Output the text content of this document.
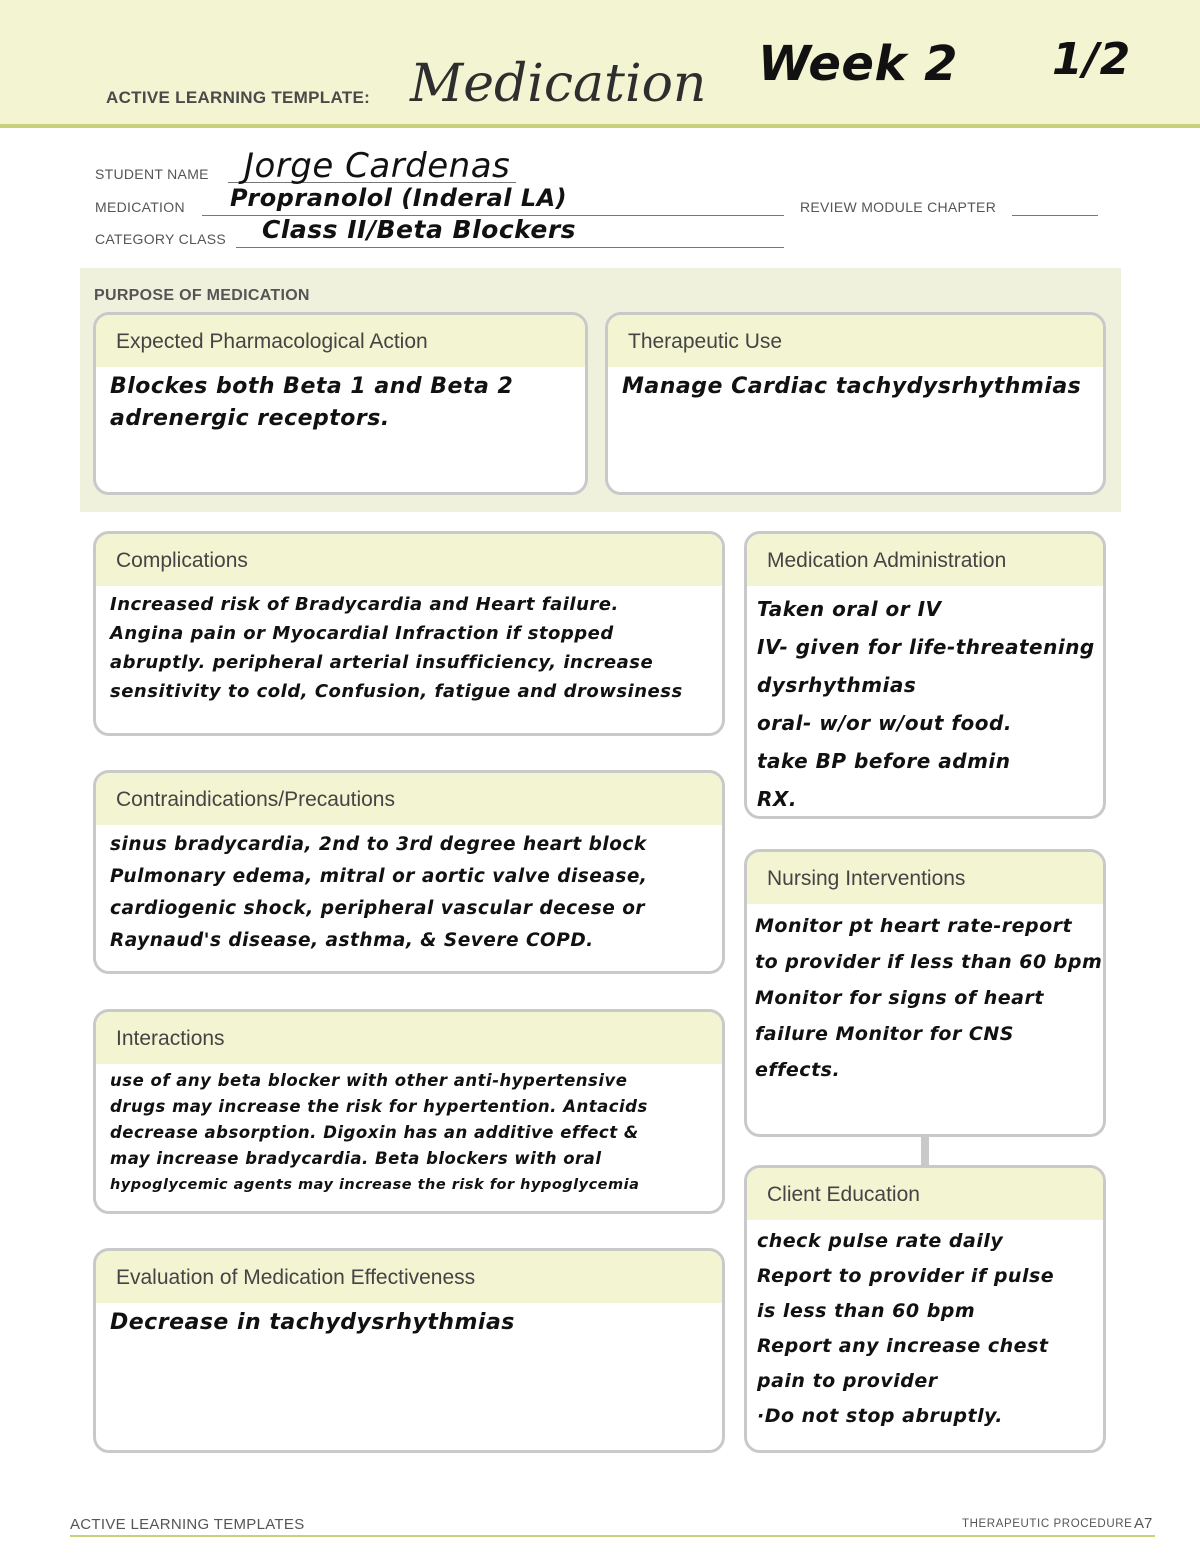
ACTIVE LEARNING TEMPLATE: Medication Week 2 1/2
STUDENT NAME Jorge Cardenas
MEDICATION Propranolol (Inderal LA)	REVIEW MODULE CHAPTER
CATEGORY CLASS Class II/Beta Blockers
PURPOSE OF MEDICATION
Expected Pharmacological Action
Blockes both Beta 1 and Beta 2
adrenergic receptors.
Therapeutic Use
Manage Cardiac tachydysrhythmias
Complications
Increased risk of Bradycardia and Heart failure.
Angina pain or Myocardial Infraction if stopped
abruptly. peripheral arterial insufficiency, increase
sensitivity to cold, Confusion, fatigue and drowsiness
Contraindications/Precautions
sinus bradycardia, 2nd to 3rd degree heart block
Pulmonary edema, mitral or aortic valve disease,
cardiogenic shock, peripheral vascular decese or
Raynaud's disease, asthma, & Severe COPD.
Interactions
use of any beta blocker with other anti-hypertensive
drugs may increase the risk for hypertention. Antacids
decrease absorption. Digoxin has an additive effect &
may increase bradycardia. Beta blockers with oral
hypoglycemic agents may increase the risk for hypoglycemia
Evaluation of Medication Effectiveness
Decrease in tachydysrhythmias
Medication Administration
Taken oral or IV
IV- given for life-threatening
dysrhythmias
oral- w/or w/out food.
take BP before admin
RX.
Nursing Interventions
Monitor pt heart rate-report
to provider if less than 60 bpm
Monitor for signs of heart
failure Monitor for CNS
effects.
Client Education
check pulse rate daily
Report to provider if pulse
is less than 60 bpm
Report any increase chest
pain to provider
·Do not stop abruptly.
ACTIVE LEARNING TEMPLATES	THERAPEUTIC PROCEDURE A7
